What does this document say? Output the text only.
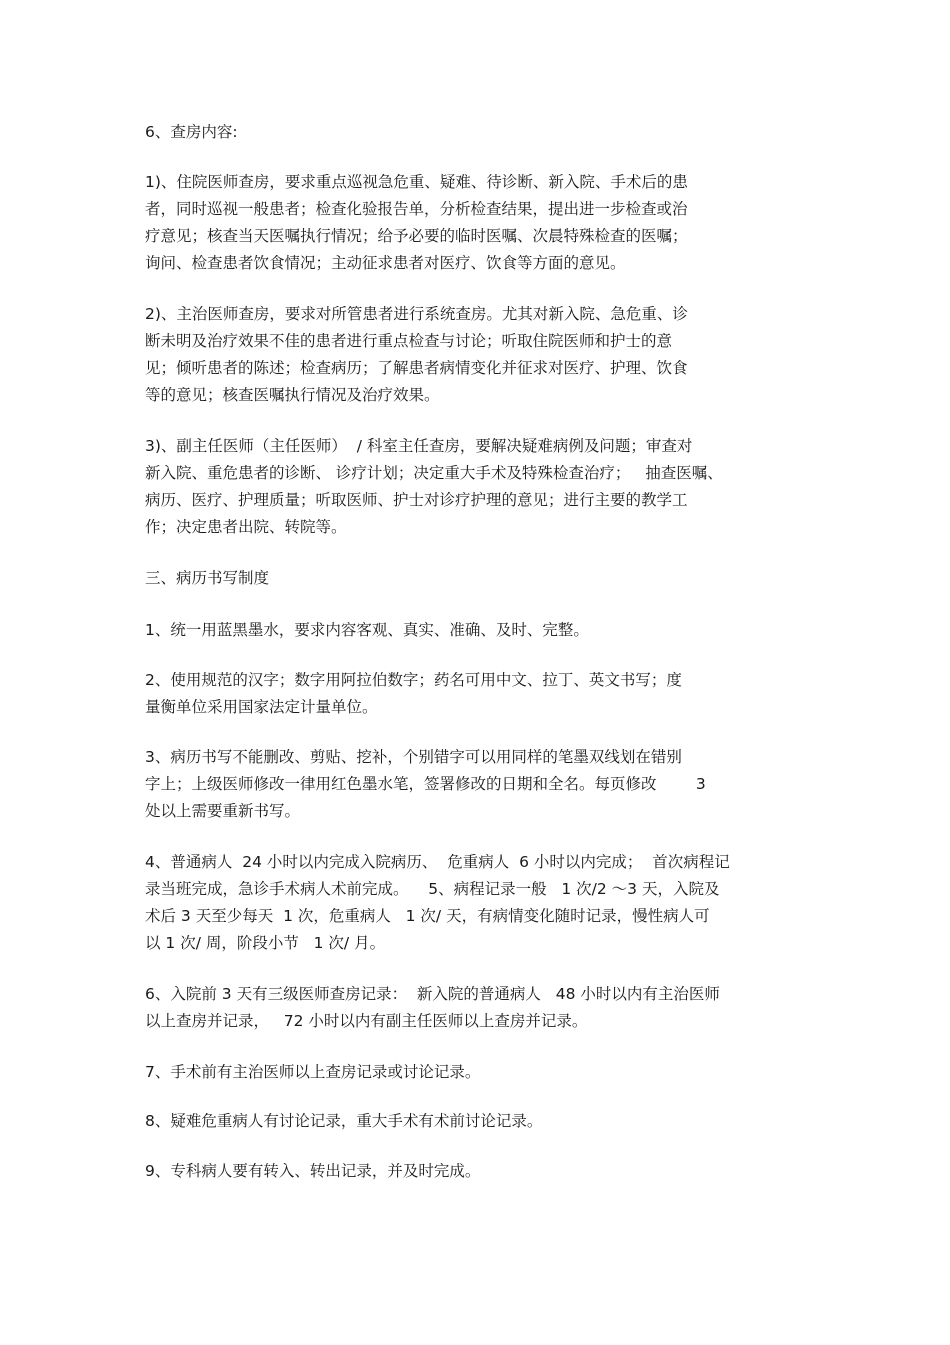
6、查房内容:

1)、住院医师查房，要求重点巡视急危重、疑难、待诊断、新入院、手术后的患

者，同时巡视一般患者；检查化验报告单，分析检查结果，提出进一步检查或治

疗意见；核查当天医嘱执行情况；给予必要的临时医嘱、次晨特殊检查的医嘱；

询问、检查患者饮食情况；主动征求患者对医疗、饮食等方面的意见。

2)、主治医师查房，要求对所管患者进行系统查房。尤其对新入院、急危重、诊

断未明及治疗效果不佳的患者进行重点检查与讨论；听取住院医师和护士的意

见；倾听患者的陈述；检查病历；了解患者病情变化并征求对医疗、护理、饮食

等的意见；核查医嘱执行情况及治疗效果。

3)、副主任医师（主任医师）  / 科室主任查房，要解决疑难病例及问题；审查对

新入院、重危患者的诊断、 诊疗计划；决定重大手术及特殊检查治疗；   抽查医嘱、

病历、医疗、护理质量；听取医师、护士对诊疗护理的意见；进行主要的教学工

作；决定患者出院、转院等。

三、病历书写制度

1、统一用蓝黑墨水，要求内容客观、真实、准确、及时、完整。

2、使用规范的汉字；数字用阿拉伯数字；药名可用中文、拉丁、英文书写；度

量衡单位采用国家法定计量单位。

3、病历书写不能删改、剪贴、挖补，个别错字可以用同样的笔墨双线划在错别

字上；上级医师修改一律用红色墨水笔，签署修改的日期和全名。每页修改        3

处以上需要重新书写。

4、普通病人  24 小时以内完成入院病历、  危重病人  6 小时以内完成；  首次病程记

录当班完成，急诊手术病人术前完成。    5、病程记录一般   1 次/2 ～3 天，入院及

术后 3 天至少每天  1 次，危重病人   1 次/ 天，有病情变化随时记录，慢性病人可

以 1 次/ 周，阶段小节   1 次/ 月。

6、入院前 3 天有三级医师查房记录：  新入院的普通病人   48 小时以内有主治医师

以上查房并记录，   72 小时以内有副主任医师以上查房并记录。

7、手术前有主治医师以上查房记录或讨论记录。

8、疑难危重病人有讨论记录，重大手术有术前讨论记录。

9、专科病人要有转入、转出记录，并及时完成。
